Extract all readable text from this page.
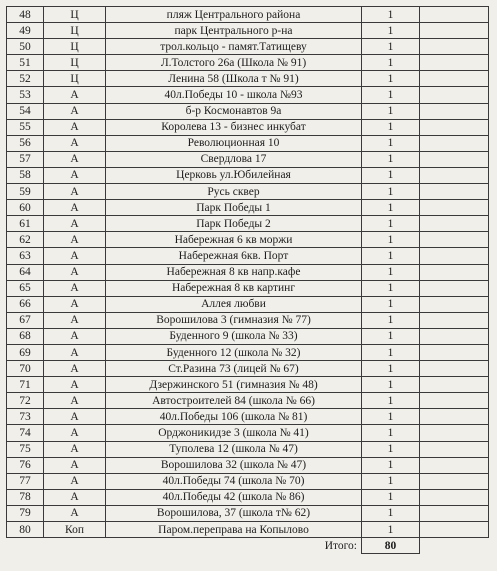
48	Ц	пляж Центрального района	1	
49	Ц	парк Центрального р-на	1	
50	Ц	трол.кольцо - памят.Татищеву	1	
51	Ц	Л.Толстого 26а (Школа № 91)	1	
52	Ц	Ленина 58 (Школа т № 91)	1	
53	А	40л.Победы 10 - школа №93	1	
54	А	б-р Космонавтов 9а	1	
55	А	Королева 13 - бизнес инкубат	1	
56	А	Революционная 10	1	
57	А	Свердлова 17	1	
58	А	Церковь ул.Юбилейная	1	
59	А	Русь сквер	1	
60	А	Парк Победы 1	1	
61	А	Парк Победы 2	1	
62	А	Набережная 6 кв моржи	1	
63	А	Набережная 6кв. Порт	1	
64	А	Набережная 8 кв напр.кафе	1	
65	А	Набережная 8 кв картинг	1	
66	А	Аллея любви	1	
67	А	Ворошилова 3 (гимназия № 77)	1	
68	А	Буденного 9 (школа № 33)	1	
69	А	Буденного 12 (школа № 32)	1	
70	А	Ст.Разина 73 (лицей № 67)	1	
71	А	Дзержинского 51 (гимназия № 48)	1	
72	А	Автостроителей 84 (школа № 66)	1	
73	А	40л.Победы 106 (школа № 81)	1	
74	А	Орджоникидзе 3 (школа № 41)	1	
75	А	Туполева 12 (школа № 47)	1	
76	А	Ворошилова 32 (школа № 47)	1	
77	А	40л.Победы 74 (школа № 70)	1	
78	А	40л.Победы 42 (школа № 86)	1	
79	А	Ворошилова, 37 (школа т№ 62)	1	
80	Коп	Паром.переправа на Копылово	1	
		Итого:	80	
